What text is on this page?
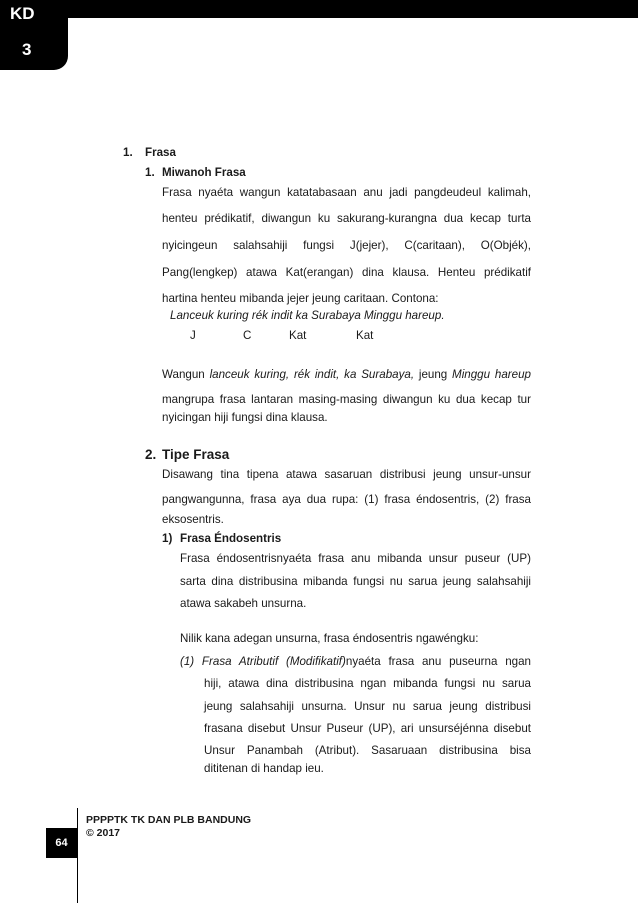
KD
3
1. Frasa
1. Miwanoh Frasa
Frasa nyaéta wangun katatabasaan anu jadi pangdeudeul kalimah,
henteu prédikatif, diwangun ku sakurang-kurangna dua kecap turta
nyicingeun salahsahiji fungsi J(jejer), C(caritaan), O(Objék),
Pang(lengkep) atawa Kat(erangan) dina klausa. Henteu prédikatif
hartina henteu mibanda jejer jeung caritaan. Contona:
Lanceuk kuring rék indit ka Surabaya Minggu hareup.
J	C	Kat	Kat
Wangun lanceuk kuring, rék indit, ka Surabaya, jeung Minggu hareup
mangrupa frasa lantaran masing-masing diwangun ku dua kecap tur
nyicingan hiji fungsi dina klausa.
2. Tipe Frasa
Disawang tina tipena atawa sasaruan distribusi jeung unsur-unsur
pangwangunna, frasa aya dua rupa: (1) frasa éndosentris, (2) frasa
eksosentris.
1) Frasa Éndosentris
Frasa éndosentrisnyaéta frasa anu mibanda unsur puseur (UP)
sarta dina distribusina mibanda fungsi nu sarua jeung salahsahiji
atawa sakabeh unsurna.
Nilik kana adegan unsurna, frasa éndosentris ngawéngku:
(1) Frasa Atributif (Modifikatif)nyaéta frasa anu puseurna ngan
hiji, atawa dina distribusina ngan mibanda fungsi nu sarua
jeung salahsahiji unsurna. Unsur nu sarua jeung distribusi
frasana disebut Unsur Puseur (UP), ari unsurséjénna disebut
Unsur Panambah (Atribut). Sasaruaan distribusina bisa
dititenan di handap ieu.
64
PPPPTK TK DAN PLB BANDUNG
© 2017
